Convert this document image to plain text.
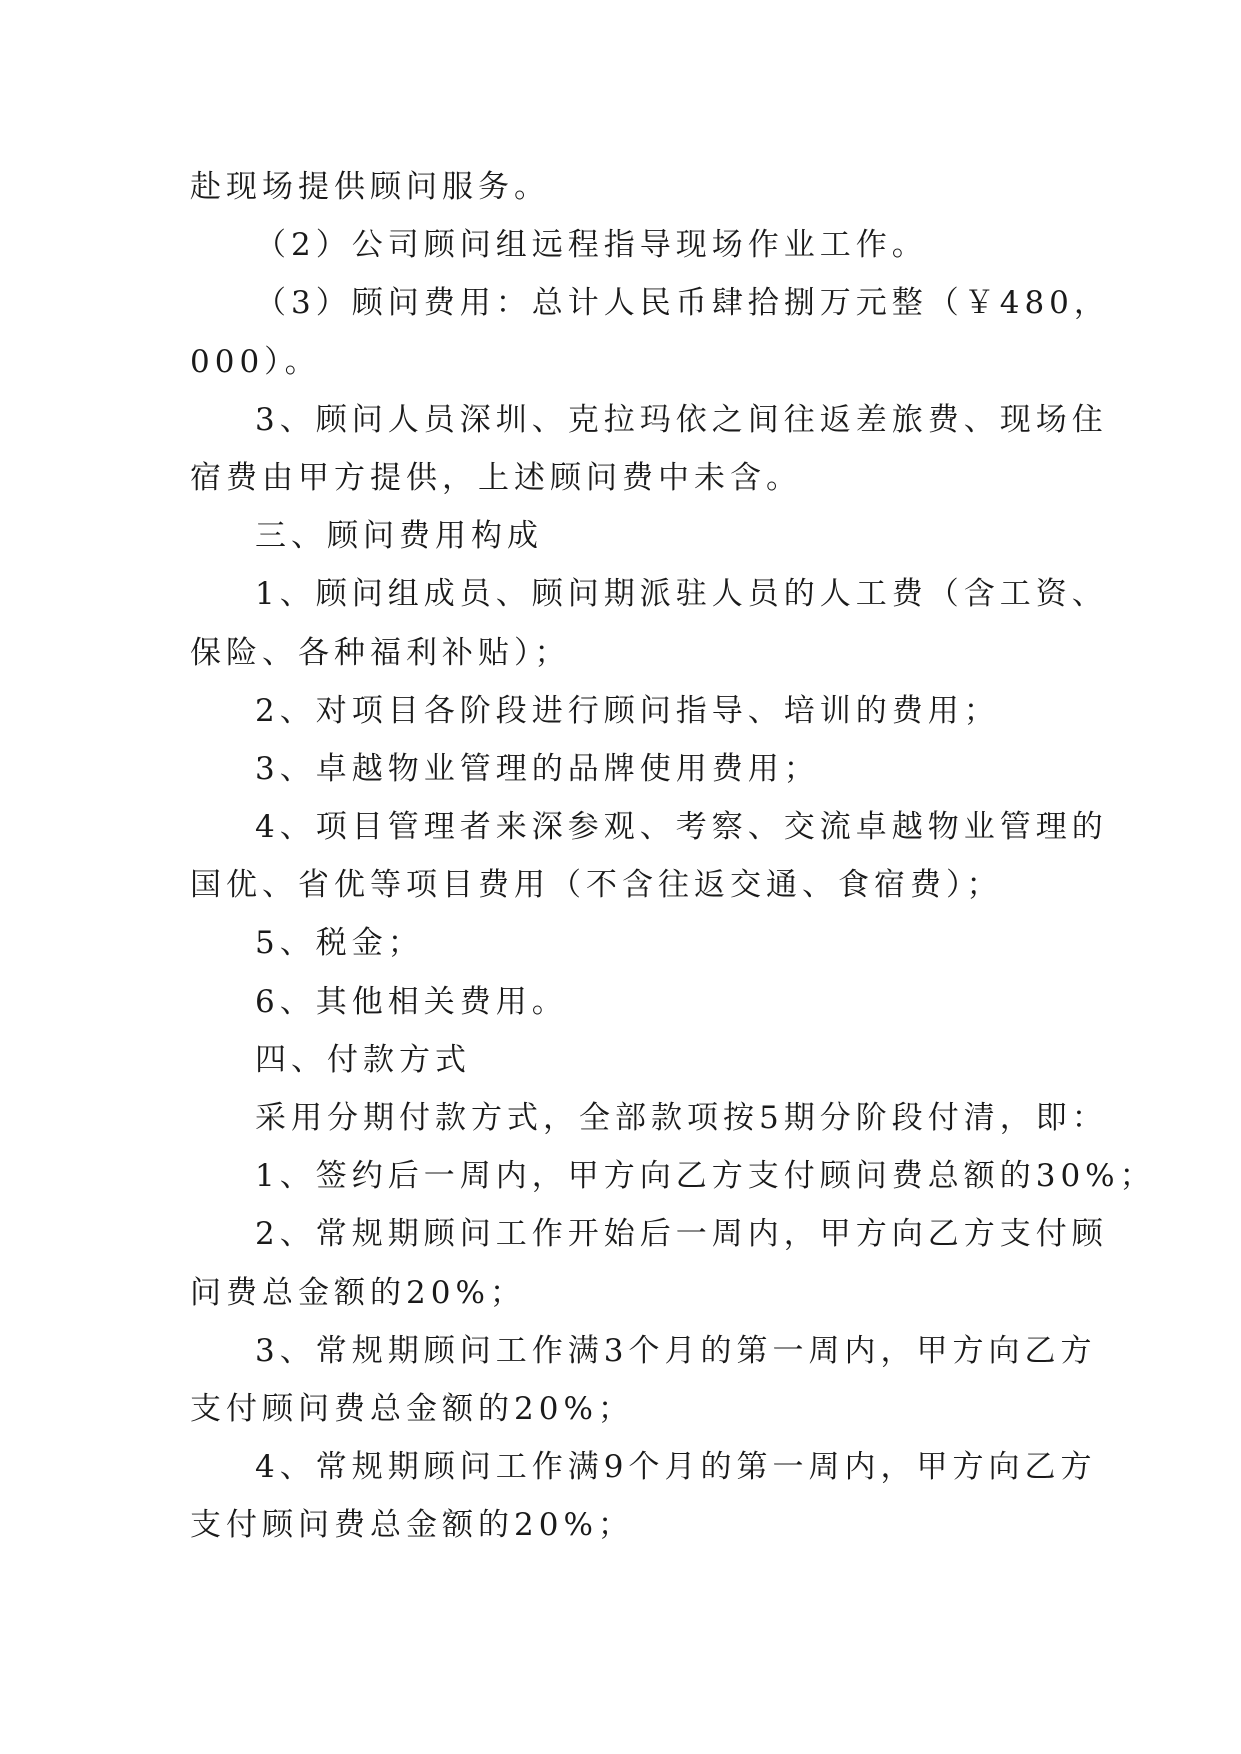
赴现场提供顾问服务。
（2）公司顾问组远程指导现场作业工作。
（3）顾问费用：总计人民币肆拾捌万元整（￥480，
000）。
3、顾问人员深圳、克拉玛依之间往返差旅费、现场住
宿费由甲方提供，上述顾问费中未含。
三、顾问费用构成
1、顾问组成员、顾问期派驻人员的人工费（含工资、
保险、各种福利补贴）；
2、对项目各阶段进行顾问指导、培训的费用；
3、卓越物业管理的品牌使用费用；
4、项目管理者来深参观、考察、交流卓越物业管理的
国优、省优等项目费用（不含往返交通、食宿费）；
5、税金；
6、其他相关费用。
四、付款方式
采用分期付款方式，全部款项按5期分阶段付清，即：
1、签约后一周内，甲方向乙方支付顾问费总额的30%；
2、常规期顾问工作开始后一周内，甲方向乙方支付顾
问费总金额的20%；
3、常规期顾问工作满3个月的第一周内，甲方向乙方
支付顾问费总金额的20%；
4、常规期顾问工作满9个月的第一周内，甲方向乙方
支付顾问费总金额的20%；
